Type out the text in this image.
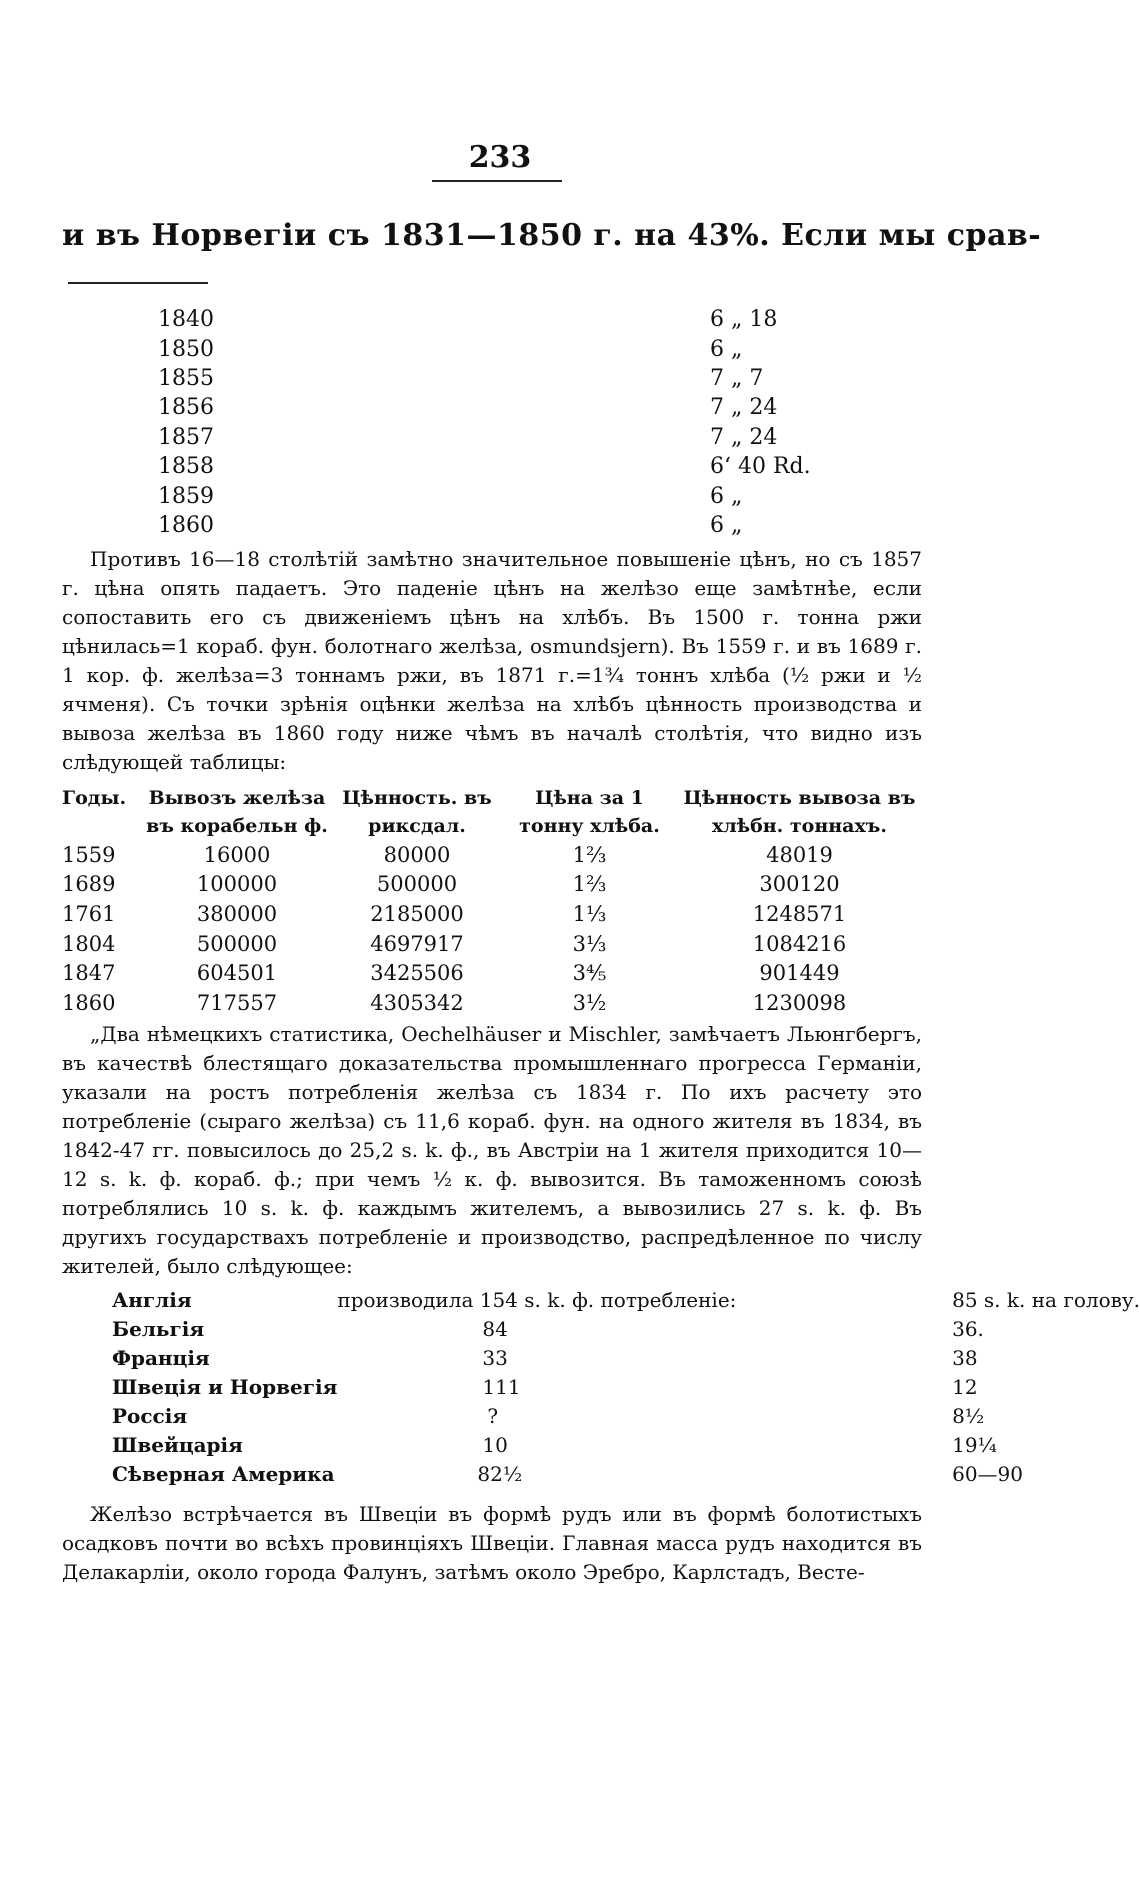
233
и въ Норвегіи съ 1831—1850 г. на 43%. Если мы срав-
1840	6 „ 18
1850	6 „
1855	7 „ 7
1856	7 „ 24
1857	7 „ 24
1858	6ʻ 40 Rd.
1859	6 „
1860	6 „

Противъ 16—18 столѣтій замѣтно значительное повышеніе цѣнъ, но съ 1857 г. цѣна опять падаетъ. Это паденіе цѣнъ на желѣзо еще замѣтнѣе, если сопоставить его съ движеніемъ цѣнъ на хлѣбъ. Въ 1500 г. тонна ржи цѣнилась=1 кораб. фун. болотнаго желѣза, osmundsjern). Въ 1559 г. и въ 1689 г. 1 кор. ф. желѣза=3 тоннамъ ржи, въ 1871 г.=1¾ тоннъ хлѣба (½ ржи и ½ ячменя). Съ точки зрѣнія оцѣнки желѣза на хлѣбъ цѣнность производства и вывоза желѣза въ 1860 году ниже чѣмъ въ началѣ столѣтія, что видно изъ слѣдующей таблицы:

Годы.	Вывозъ желѣза въ корабельн ф.	Цѣнность. въ риксдал.	Цѣна за 1 тонну хлѣба.	Цѣнность вывоза въ хлѣбн. тоннахъ.
1559	16000	80000	1⅔	48019
1689	100000	500000	1⅔	300120
1761	380000	2185000	1⅓	1248571
1804	500000	4697917	3⅓	1084216
1847	604501	3425506	3⅘	901449
1860	717557	4305342	3½	1230098

„Два нѣмецкихъ статистика, Oechelhäuser и Mischler, замѣчаетъ Льюнгбергъ, въ качествѣ блестящаго доказательства промышленнаго прогресса Германіи, указали на ростъ потребленія желѣза съ 1834 г. По ихъ расчету это потребленіе (сыраго желѣза) съ 11,6 кораб. фун. на одного жителя въ 1834, въ 1842-47 гг. повысилось до 25,2 s. k. ф., въ Австріи на 1 жителя приходится 10—12 s. k. ф. кораб. ф.; при чемъ ½ к. ф. вывозится. Въ таможенномъ союзѣ потреблялись 10 s. k. ф. каждымъ жителемъ, а вывозились 27 s. k. ф. Въ другихъ государствахъ потребленіе и производство, распредѣленное по числу жителей, было слѣдующее:

Англія	производила 154 s. k. ф. потребленіе:		85 s. k. на голову.
Бельгія	84		36.
Франція	33		38
Швеція и Норвегія	111		12
Россія	?		8½
Швейцарія	10		19¼
Сѣверная Америка	82½		60—90

Желѣзо встрѣчается въ Швеціи въ формѣ рудъ или въ формѣ болотистыхъ осадковъ почти во всѣхъ провинціяхъ Швеціи. Главная масса рудъ находится въ Делакарліи, около города Фалунъ, затѣмъ около Эребро, Карлстадъ, Весте-
